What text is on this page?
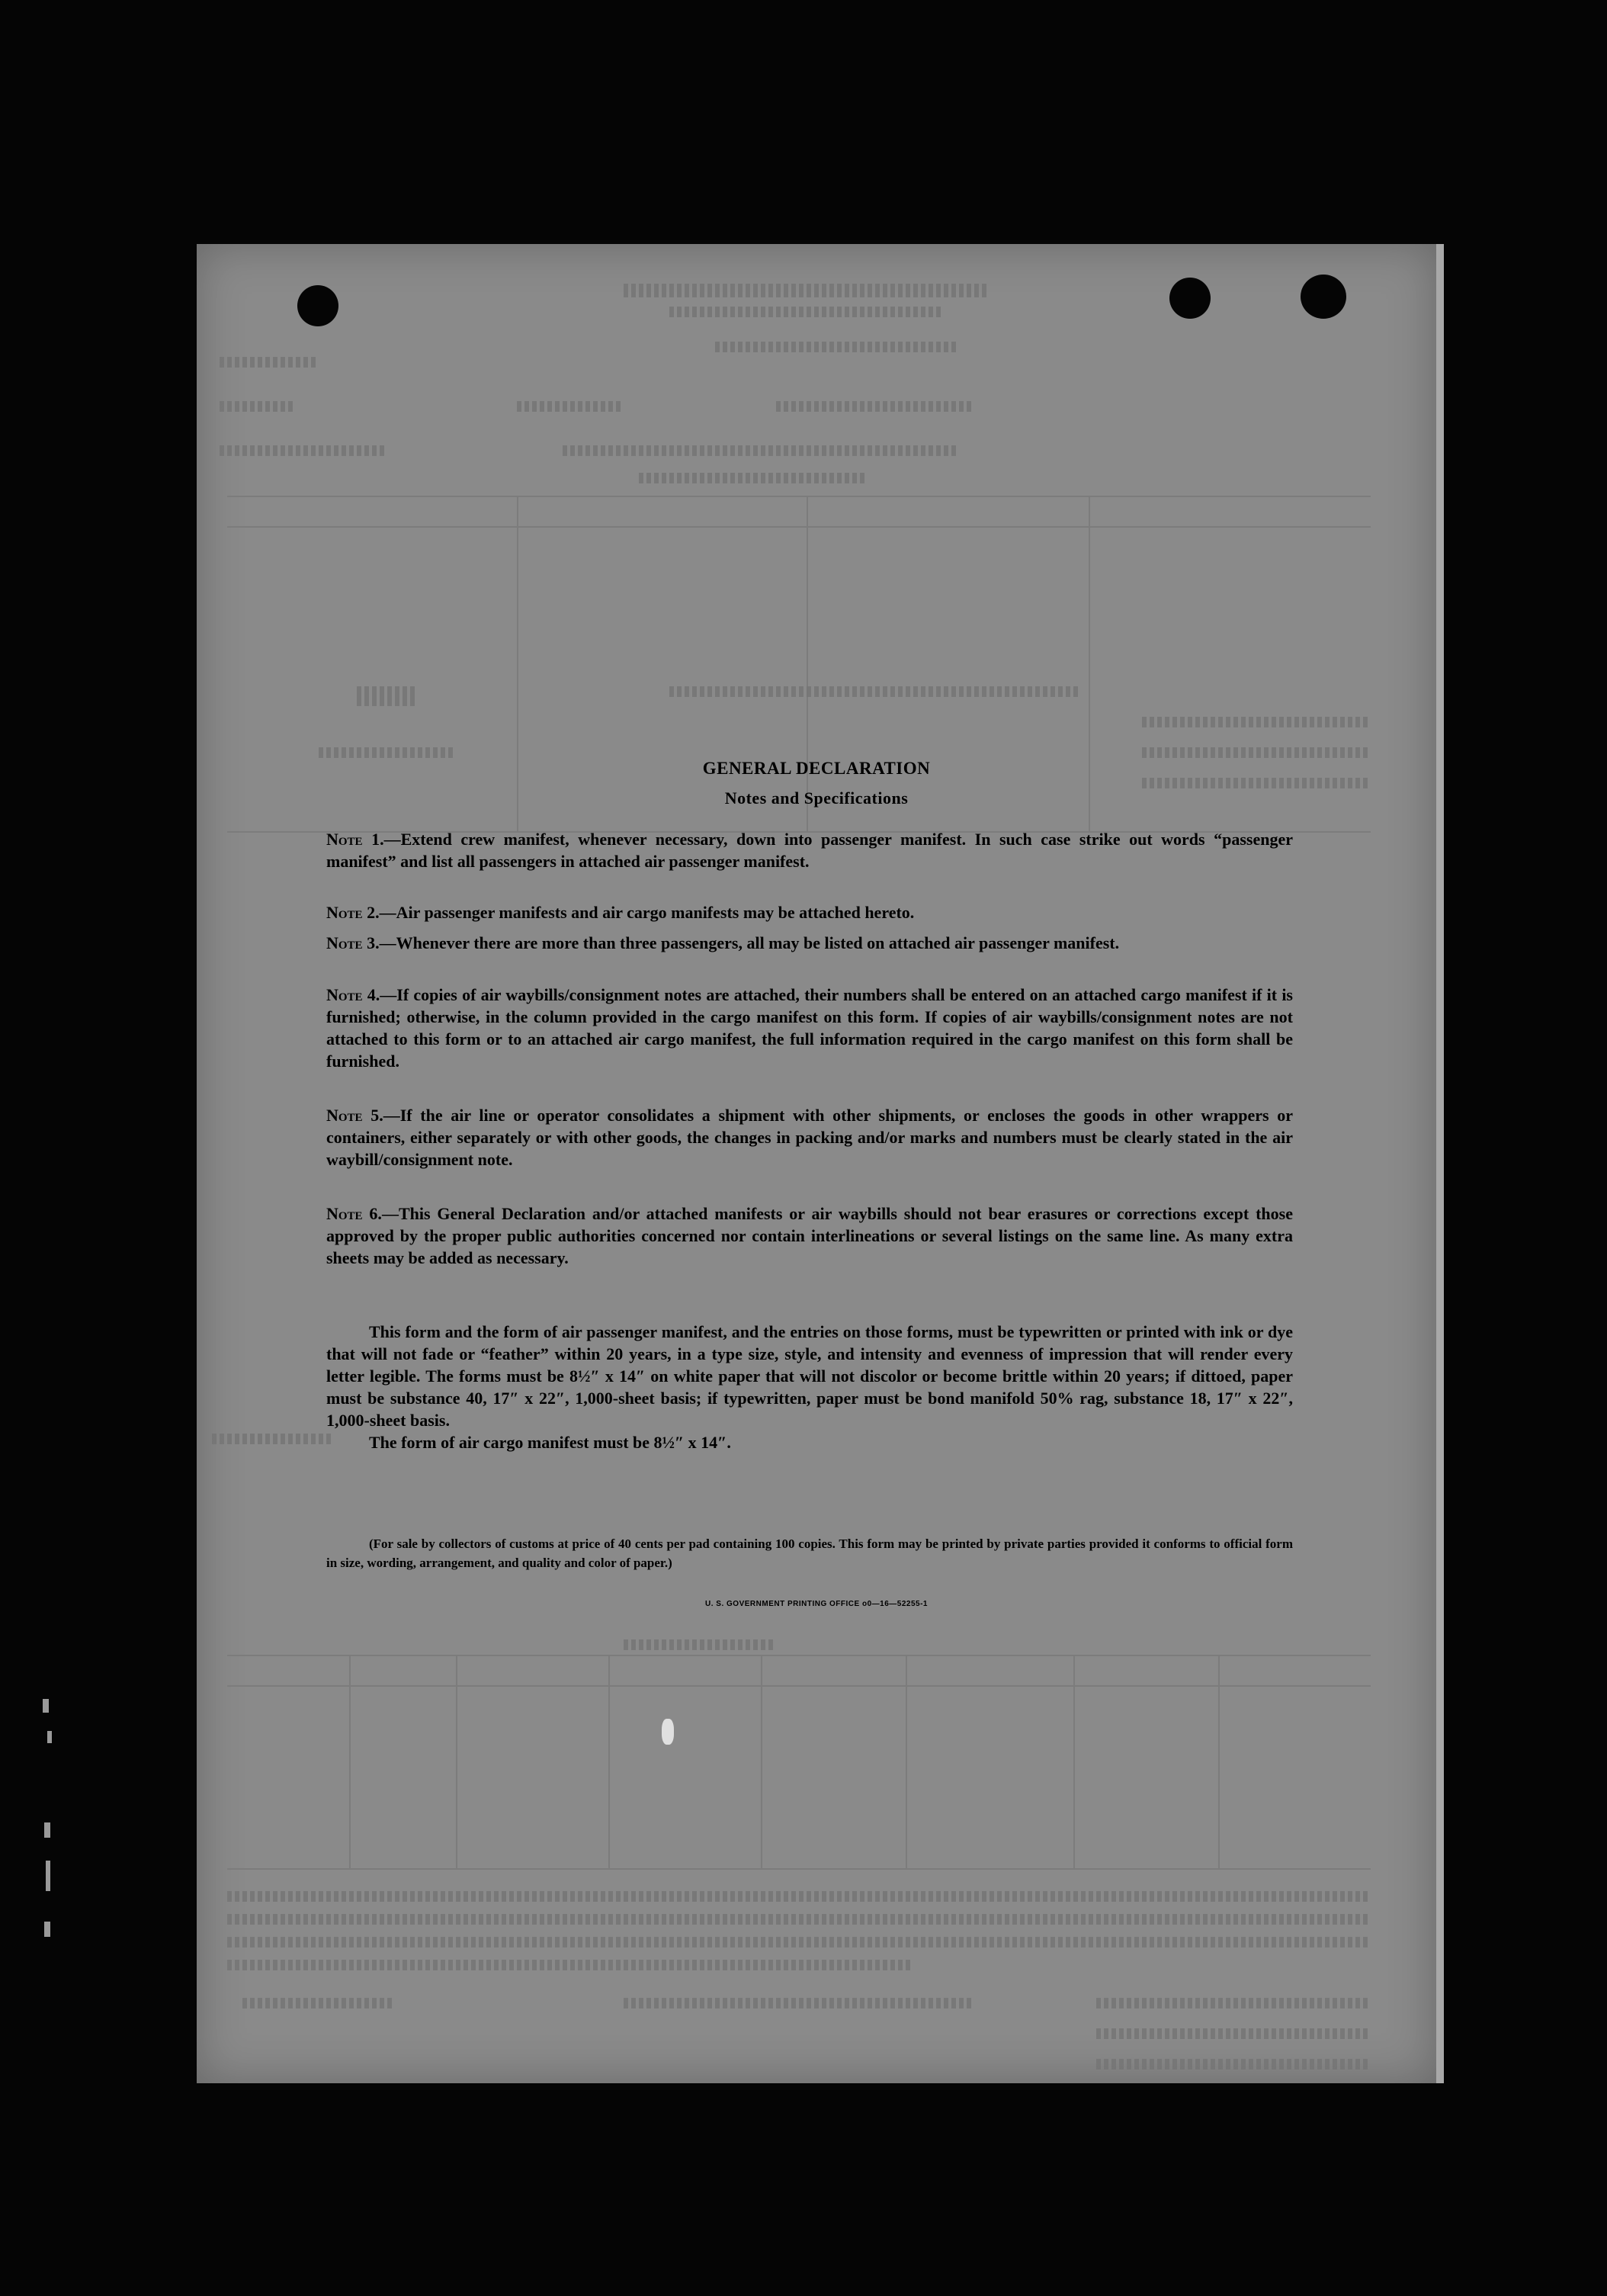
GENERAL DECLARATION
Notes and Specifications
Note 1.—Extend crew manifest, whenever necessary, down into passenger manifest. In such case strike out words “passenger manifest” and list all passengers in attached air passenger manifest.
Note 2.—Air passenger manifests and air cargo manifests may be attached hereto.
Note 3.—Whenever there are more than three passengers, all may be listed on attached air passenger manifest.
Note 4.—If copies of air waybills/consignment notes are attached, their numbers shall be entered on an attached cargo manifest if it is furnished; otherwise, in the column provided in the cargo manifest on this form. If copies of air waybills/consignment notes are not attached to this form or to an attached air cargo manifest, the full information required in the cargo manifest on this form shall be furnished.
Note 5.—If the air line or operator consolidates a shipment with other shipments, or encloses the goods in other wrappers or containers, either separately or with other goods, the changes in packing and/or marks and numbers must be clearly stated in the air waybill/consignment note.
Note 6.—This General Declaration and/or attached manifests or air waybills should not bear erasures or corrections except those approved by the proper public authorities concerned nor contain interlineations or several listings on the same line. As many extra sheets may be added as necessary.
This form and the form of air passenger manifest, and the entries on those forms, must be typewritten or printed with ink or dye that will not fade or “feather” within 20 years, in a type size, style, and intensity and evenness of impression that will render every letter legible. The forms must be 8½″ x 14″ on white paper that will not discolor or become brittle within 20 years; if dittoed, paper must be substance 40, 17″ x 22″, 1,000-sheet basis; if typewritten, paper must be bond manifold 50% rag, substance 18, 17″ x 22″, 1,000-sheet basis.
The form of air cargo manifest must be 8½″ x 14″.
(For sale by collectors of customs at price of 40 cents per pad containing 100 copies. This form may be printed by private parties provided it conforms to official form in size, wording, arrangement, and quality and color of paper.)
U. S. GOVERNMENT PRINTING OFFICE o0—16—52255-1
